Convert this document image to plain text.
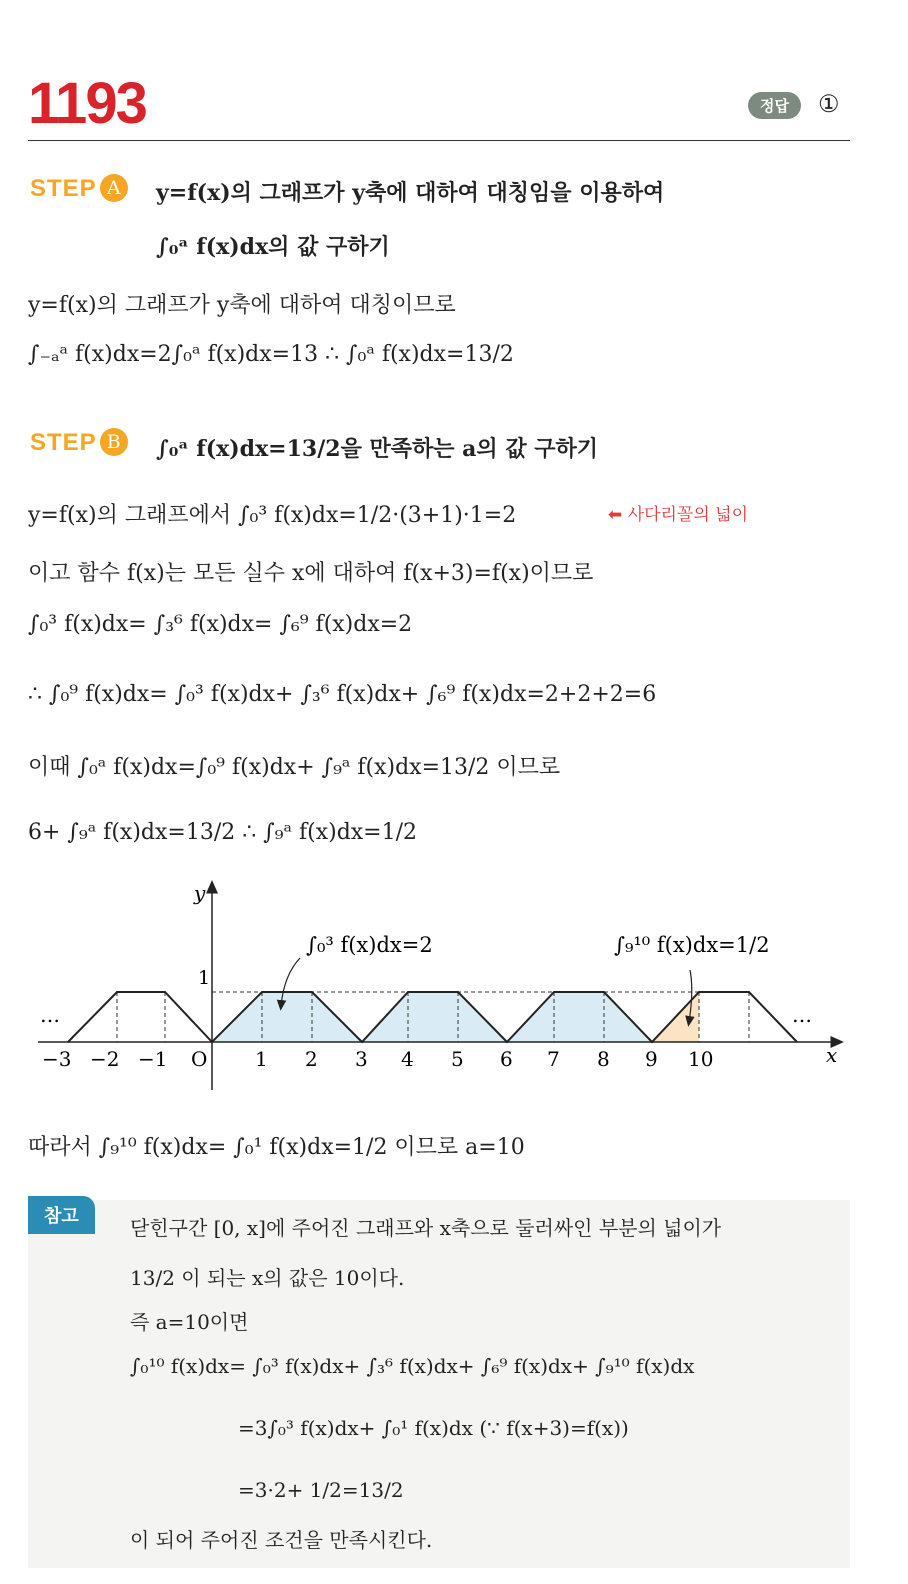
1193	정답	①
STEP A	y=f(x)의 그래프가 y축에 대하여 대칭임을 이용하여
∫₀ᵃ f(x)dx의 값 구하기
y=f(x)의 그래프가 y축에 대하여 대칭이므로
∫₋ₐᵃ f(x)dx=2∫₀ᵃ f(x)dx=13 ∴ ∫₀ᵃ f(x)dx=13/2
STEP B	∫₀ᵃ f(x)dx=13/2을 만족하는 a의 값 구하기
y=f(x)의 그래프에서 ∫₀³ f(x)dx=1/2·(3+1)·1=2	⬅ 사다리꼴의 넓이
이고 함수 f(x)는 모든 실수 x에 대하여 f(x+3)=f(x)이므로
∫₀³ f(x)dx= ∫₃⁶ f(x)dx= ∫₆⁹ f(x)dx=2
∴ ∫₀⁹ f(x)dx= ∫₀³ f(x)dx+ ∫₃⁶ f(x)dx+ ∫₆⁹ f(x)dx=2+2+2=6
이때 ∫₀ᵃ f(x)dx=∫₀⁹ f(x)dx+ ∫₉ᵃ f(x)dx=13/2 이므로
6+ ∫₉ᵃ f(x)dx=13/2 ∴ ∫₉ᵃ f(x)dx=1/2
y
x
1
O
…	…
−3 −2 −1	1 2 3 4 5 6 7 8 9 10
∫₀³ f(x)dx=2	∫₉¹⁰ f(x)dx=1/2
따라서 ∫₉¹⁰ f(x)dx= ∫₀¹ f(x)dx=1/2 이므로 a=10
참고	닫힌구간 [0, x]에 주어진 그래프와 x축으로 둘러싸인 부분의 넓이가
13/2 이 되는 x의 값은 10이다.
즉 a=10이면
∫₀¹⁰ f(x)dx= ∫₀³ f(x)dx+ ∫₃⁶ f(x)dx+ ∫₆⁹ f(x)dx+ ∫₉¹⁰ f(x)dx
=3∫₀³ f(x)dx+ ∫₀¹ f(x)dx (∵ f(x+3)=f(x))
=3·2+ 1/2=13/2
이 되어 주어진 조건을 만족시킨다.
